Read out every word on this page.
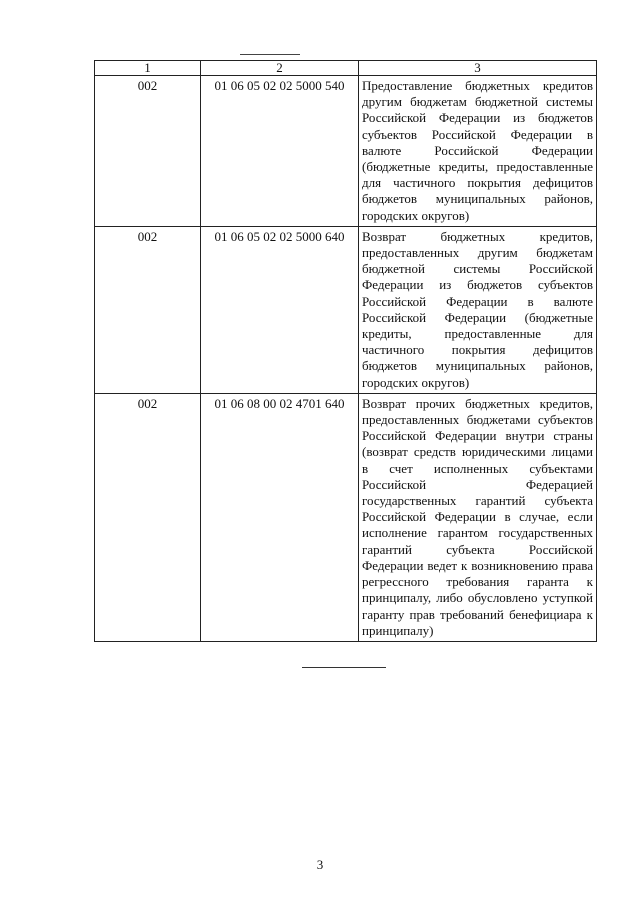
1	2	3
002	01 06 05 02 02 5000 540	Предоставление бюджетных кредитов другим бюджетам бюджетной системы Российской Федерации из бюджетов субъектов Российской Федерации в валюте Российской Федерации (бюджетные кредиты, предоставленные для частичного покрытия дефицитов бюджетов муниципальных районов, городских округов)
002	01 06 05 02 02 5000 640	Возврат бюджетных кредитов, предоставленных другим бюджетам бюджетной системы Российской Федерации из бюджетов субъектов Российской Федерации в валюте Российской Федерации (бюджетные кредиты, предоставленные для частичного покрытия дефицитов бюджетов муниципальных районов, городских округов)
002	01 06 08 00 02 4701 640	Возврат прочих бюджетных кредитов, предоставленных бюджетами субъектов Российской Федерации внутри страны (возврат средств юридическими лицами в счет исполненных субъектами Российской Федерацией государственных гарантий субъекта Российской Федерации в случае, если исполнение гарантом государственных гарантий субъекта Российской Федерации ведет к возникновению права регрессного требования гаранта к принципалу, либо обусловлено уступкой гаранту прав требований бенефициара к принципалу)
3
